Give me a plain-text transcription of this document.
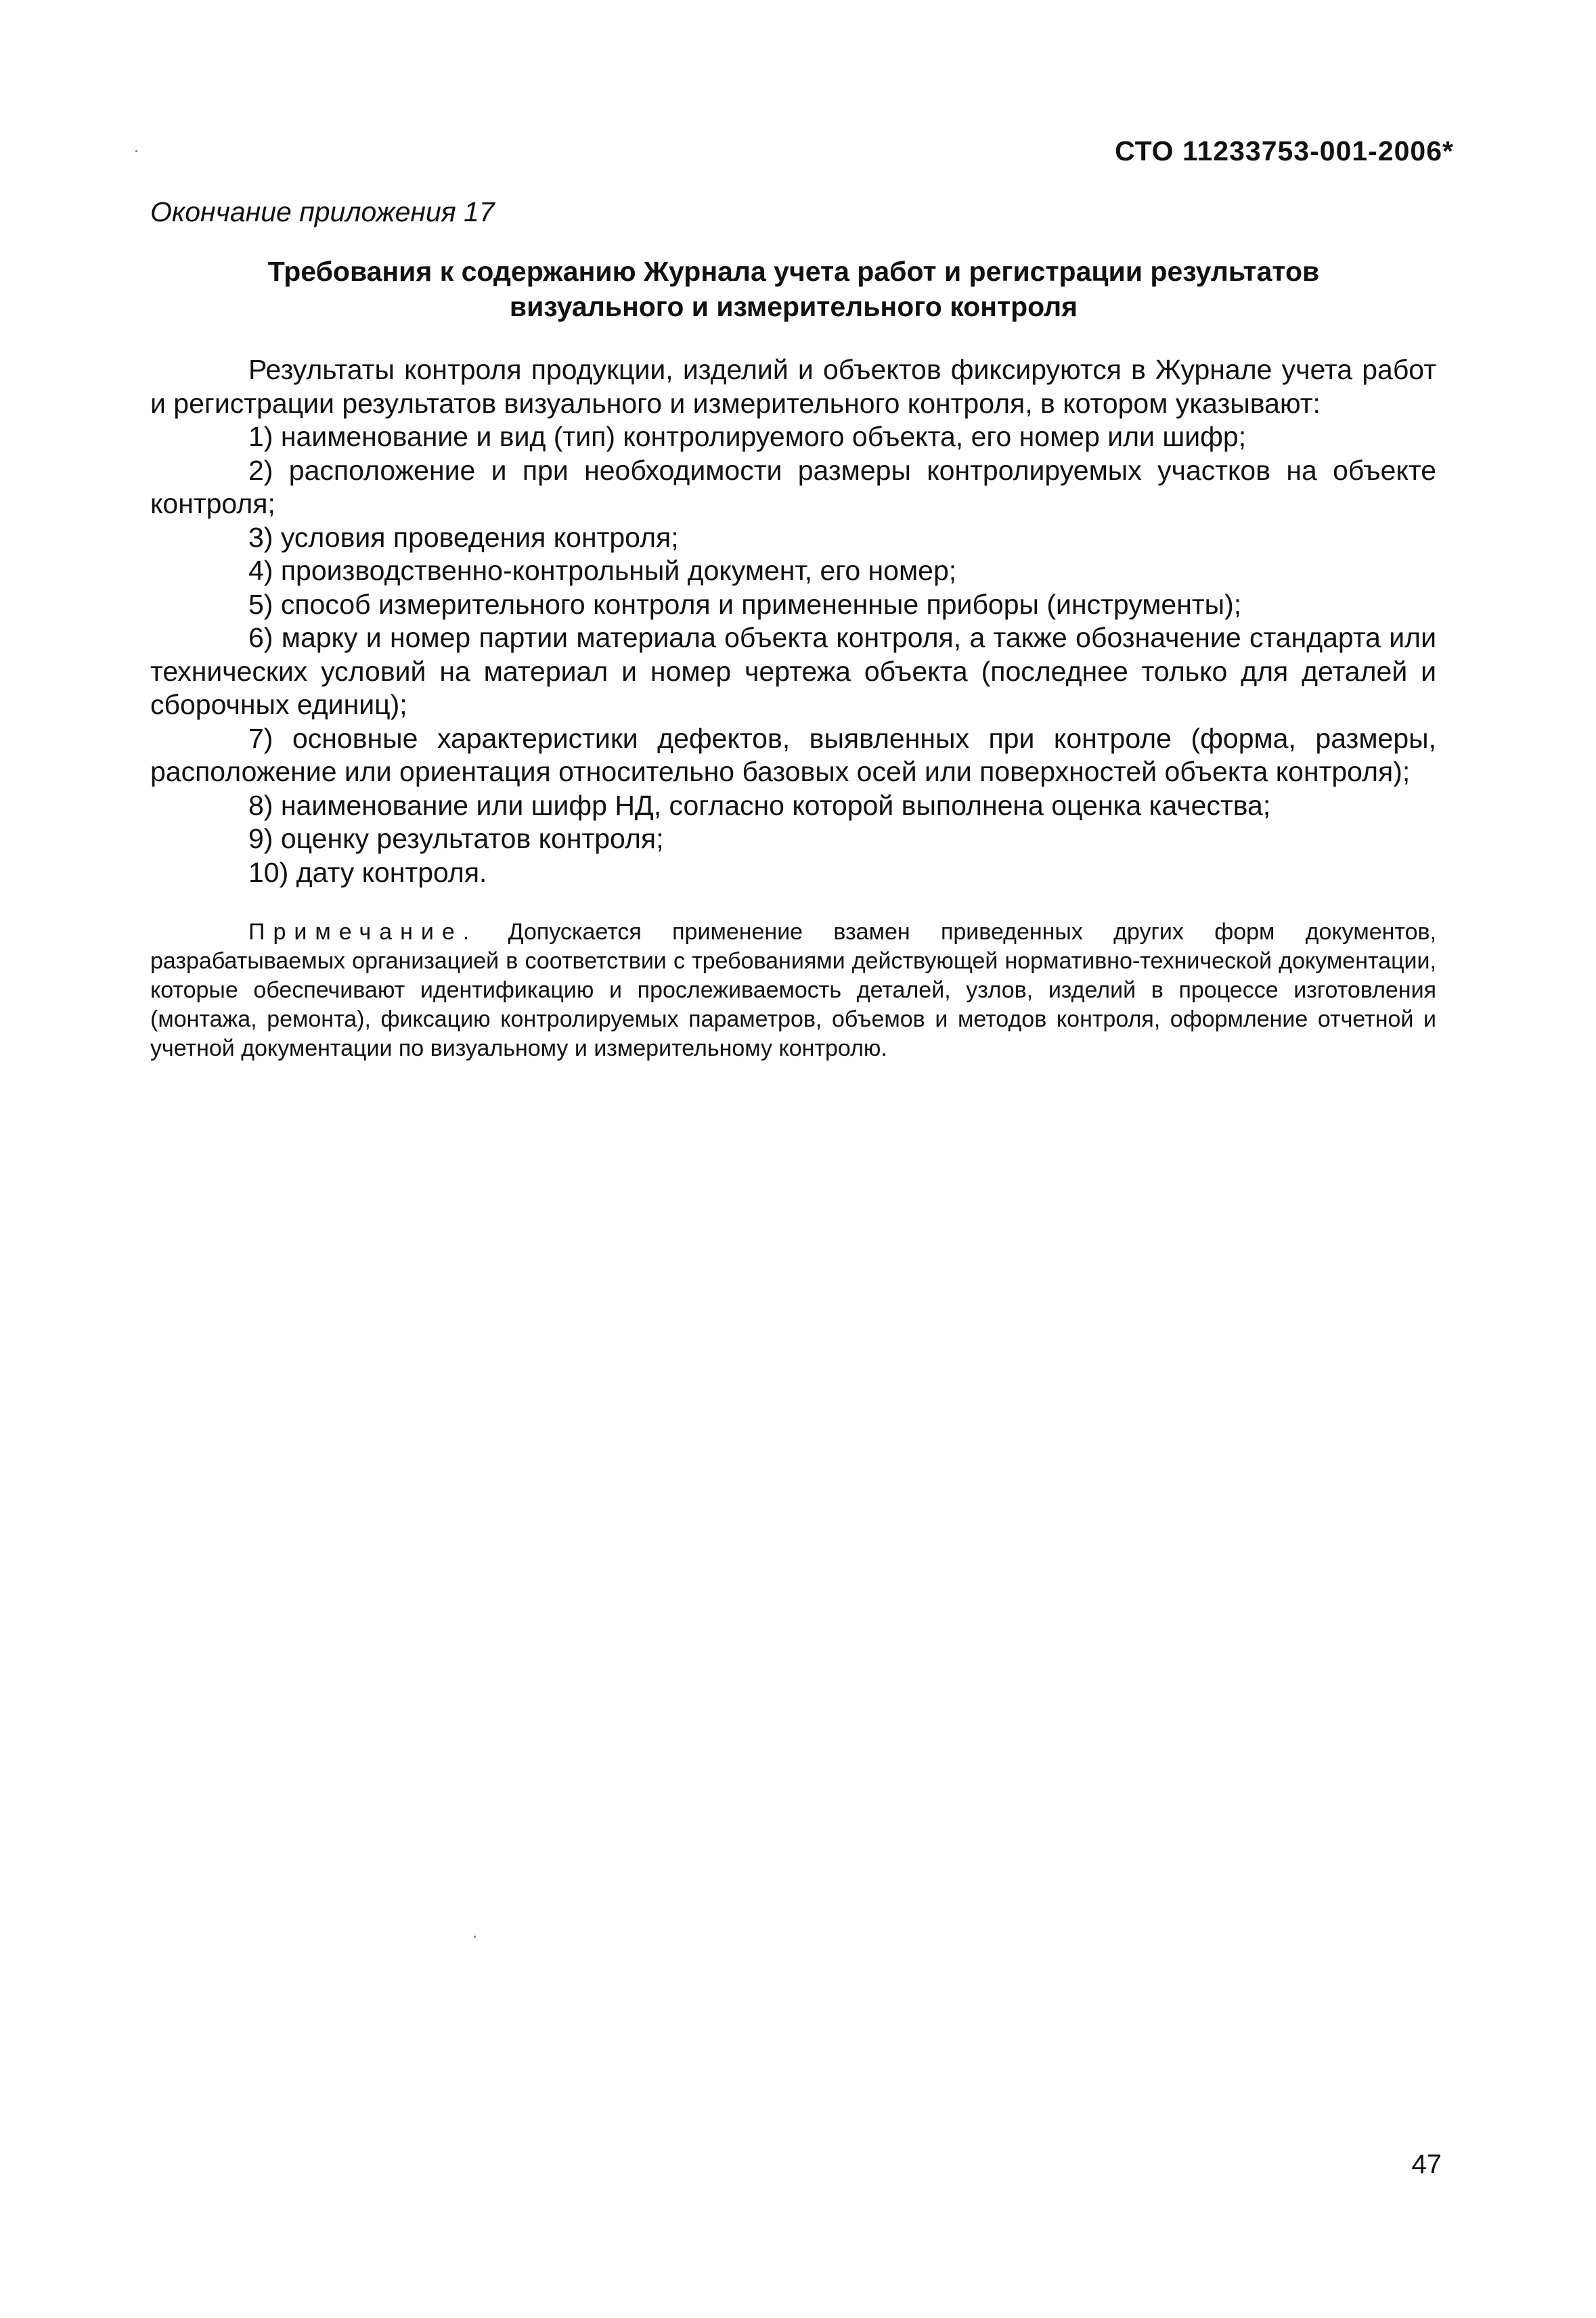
СТО 11233753-001-2006*
Окончание приложения 17
Требования к содержанию Журнала учета работ и регистрации результатов
визуального и измерительного контроля

Результаты контроля продукции, изделий и объектов фиксируются в Журнале учета работ и регистрации результатов визуального и измерительного контроля, в котором указывают:

1) наименование и вид (тип) контролируемого объекта, его номер или шифр;

2) расположение и при необходимости размеры контролируемых участков на объекте контроля;

3) условия проведения контроля;

4) производственно-контрольный документ, его номер;

5) способ измерительного контроля и примененные приборы (инструменты);

6) марку и номер партии материала объекта контроля, а также обозначение стандарта или технических условий на материал и номер чертежа объекта (последнее только для деталей и сборочных единиц);

7) основные характеристики дефектов, выявленных при контроле (форма, размеры, расположение или ориентация относительно базовых осей или поверхностей объекта контроля);

8) наименование или шифр НД, согласно которой выполнена оценка качества;

9) оценку результатов контроля;

10) дату контроля.

Примечание. Допускается применение взамен приведенных других форм документов, разрабатываемых организацией в соответствии с требованиями действующей нормативно-технической документации, которые обеспечивают идентификацию и прослеживаемость деталей, узлов, изделий в процессе изготовления (монтажа, ремонта), фиксацию контролируемых параметров, объемов и методов контроля, оформление отчетной и учетной документации по визуальному и измерительному контролю.
47
